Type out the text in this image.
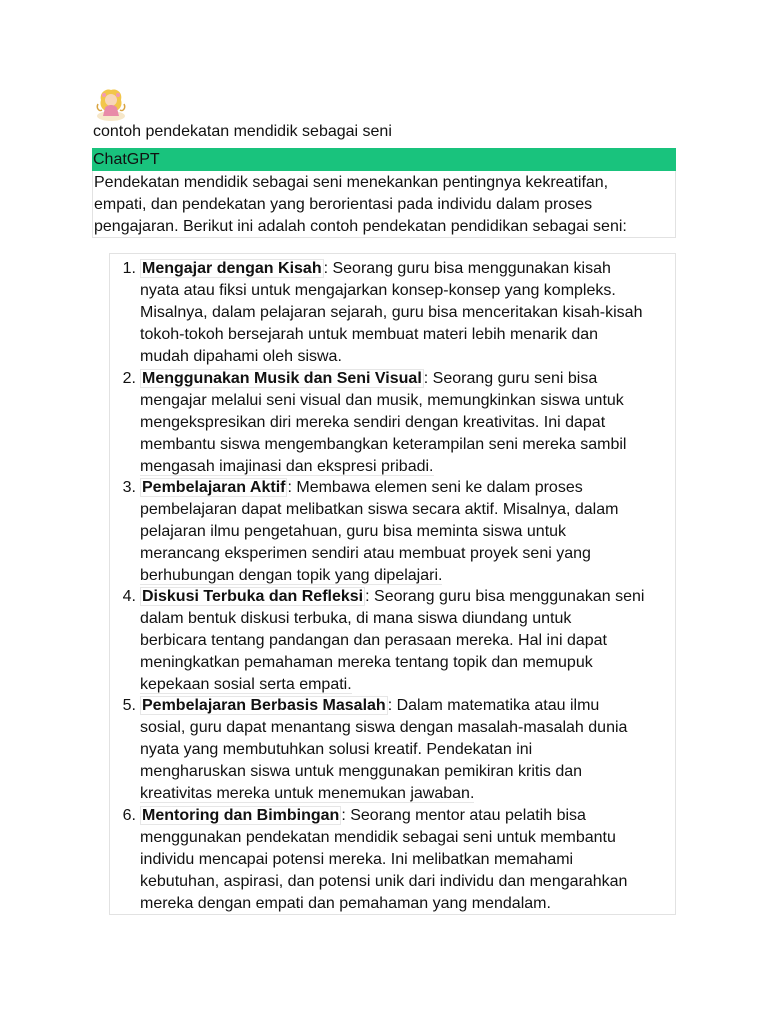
contoh pendekatan mendidik sebagai seni
ChatGPT
Pendekatan mendidik sebagai seni menekankan pentingnya kekreatifan,
empati, dan pendekatan yang berorientasi pada individu dalam proses
pengajaran. Berikut ini adalah contoh pendekatan pendidikan sebagai seni:
1. Mengajar dengan Kisah : Seorang guru bisa menggunakan kisah
nyata atau fiksi untuk mengajarkan konsep-konsep yang kompleks.
Misalnya, dalam pelajaran sejarah, guru bisa menceritakan kisah-kisah
tokoh-tokoh bersejarah untuk membuat materi lebih menarik dan
mudah dipahami oleh siswa.
2. Menggunakan Musik dan Seni Visual : Seorang guru seni bisa
mengajar melalui seni visual dan musik, memungkinkan siswa untuk
mengekspresikan diri mereka sendiri dengan kreativitas. Ini dapat
membantu siswa mengembangkan keterampilan seni mereka sambil
mengasah imajinasi dan ekspresi pribadi.
3. Pembelajaran Aktif : Membawa elemen seni ke dalam proses
pembelajaran dapat melibatkan siswa secara aktif. Misalnya, dalam
pelajaran ilmu pengetahuan, guru bisa meminta siswa untuk
merancang eksperimen sendiri atau membuat proyek seni yang
berhubungan dengan topik yang dipelajari.
4. Diskusi Terbuka dan Refleksi : Seorang guru bisa menggunakan seni
dalam bentuk diskusi terbuka, di mana siswa diundang untuk
berbicara tentang pandangan dan perasaan mereka. Hal ini dapat
meningkatkan pemahaman mereka tentang topik dan memupuk
kepekaan sosial serta empati.
5. Pembelajaran Berbasis Masalah : Dalam matematika atau ilmu
sosial, guru dapat menantang siswa dengan masalah-masalah dunia
nyata yang membutuhkan solusi kreatif. Pendekatan ini
mengharuskan siswa untuk menggunakan pemikiran kritis dan
kreativitas mereka untuk menemukan jawaban.
6. Mentoring dan Bimbingan : Seorang mentor atau pelatih bisa
menggunakan pendekatan mendidik sebagai seni untuk membantu
individu mencapai potensi mereka. Ini melibatkan memahami
kebutuhan, aspirasi, dan potensi unik dari individu dan mengarahkan
mereka dengan empati dan pemahaman yang mendalam.
